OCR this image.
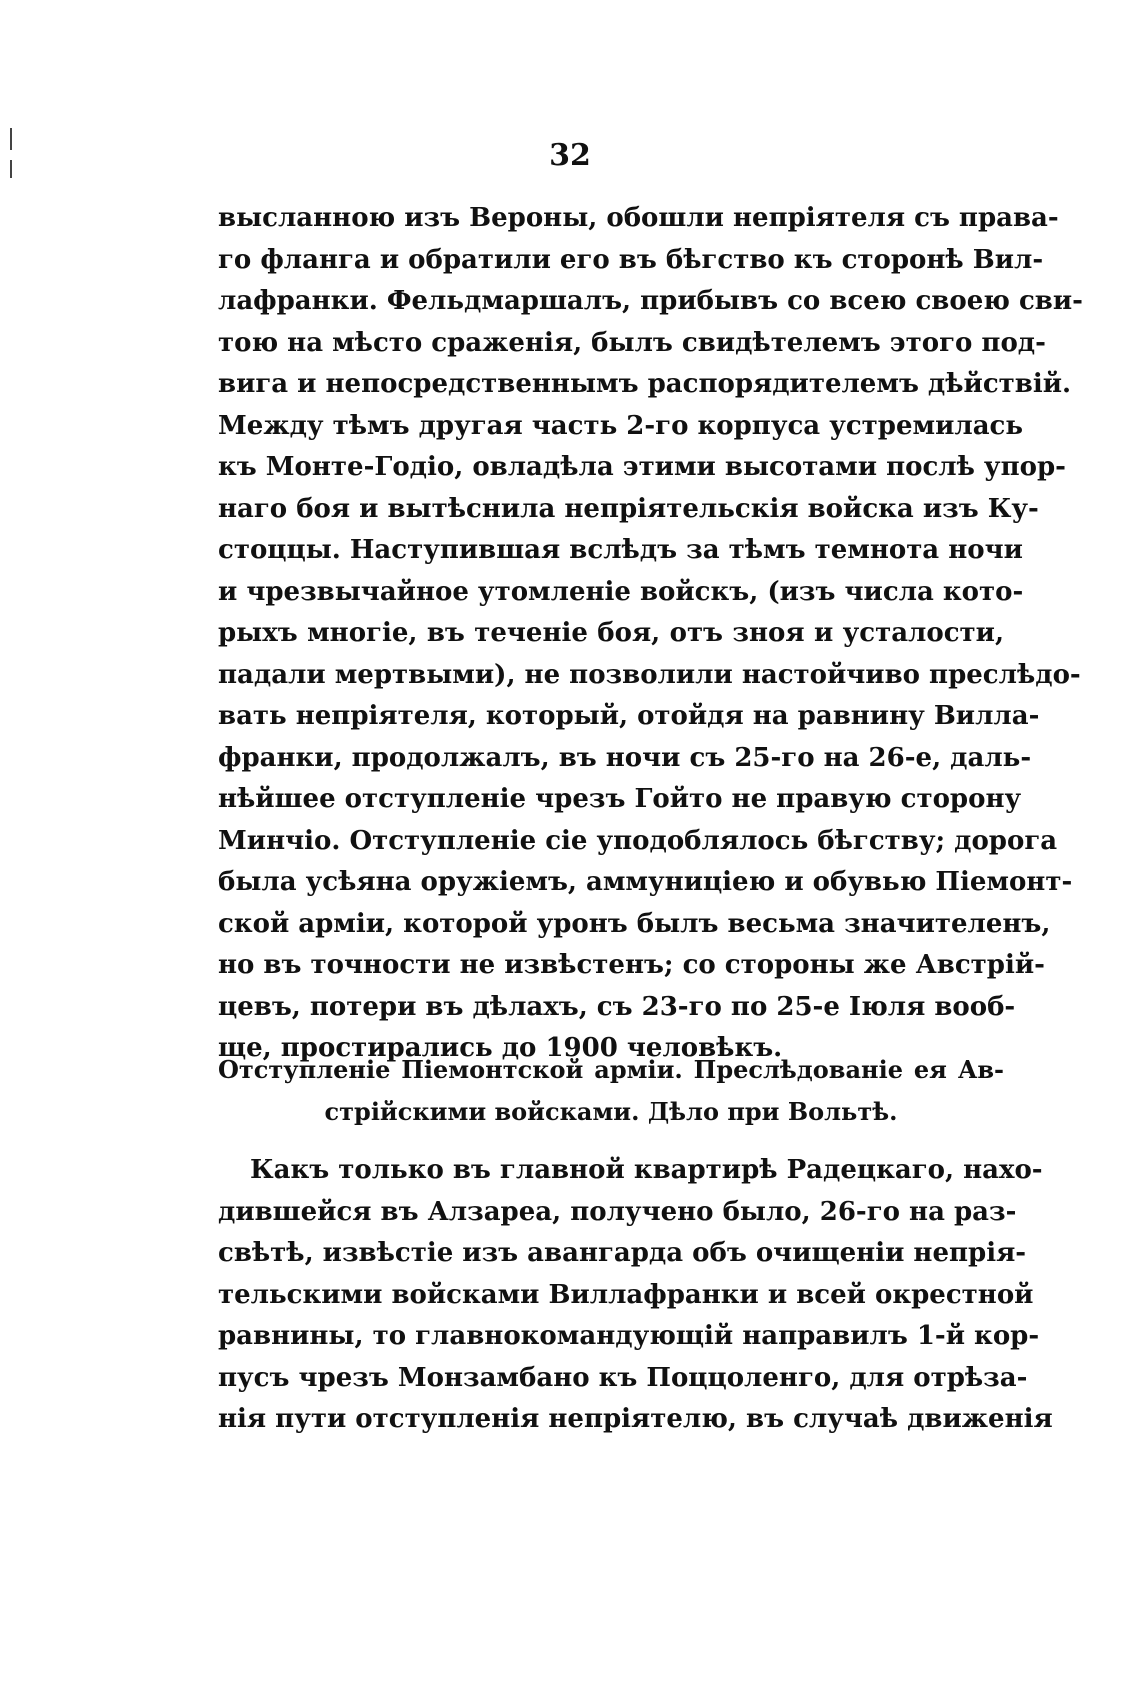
32
высланною изъ Вероны, обошли непріятеля съ права-
го фланга и обратили его въ бѣгство къ сторонѣ Вил-
лафранки. Фельдмаршалъ, прибывъ со всею своею сви-
тою на мѣсто сраженія, былъ свидѣтелемъ этого под-
вига и непосредственнымъ распорядителемъ дѣйствій.
Между тѣмъ другая часть 2-го корпуса устремилась
къ Монте-Годіо, овладѣла этими высотами послѣ упор-
наго боя и вытѣснила непріятельскія войска изъ Ку-
стоццы. Наступившая вслѣдъ за тѣмъ темнота ночи
и чрезвычайное утомленіе войскъ, (изъ числа кото-
рыхъ многіе, въ теченіе боя, отъ зноя и усталости,
падали мертвыми), не позволили настойчиво преслѣдо-
вать непріятеля, который, отойдя на равнину Вилла-
франки, продолжалъ, въ ночи съ 25-го на 26-е, даль-
нѣйшее отступленіе чрезъ Гойто не правую сторону
Минчіо. Отступленіе сіе уподоблялось бѣгству; дорога
была усѣяна оружіемъ, аммуниціею и обувью Піемонт-
ской арміи, которой уронъ былъ весьма значителенъ,
но въ точности не извѣстенъ; со стороны же Австрій-
цевъ, потери въ дѣлахъ, съ 23-го по 25-е Іюля вооб-
ще, простирались до 1900 человѣкъ.
Отступленіе Піемонтской арміи. Преслѣдованіе ея Ав-
стрійскими войсками. Дѣло при Вольтѣ.
Какъ только въ главной квартирѣ Радецкаго, нахо-
дившейся въ Алзареа, получено было, 26-го на раз-
свѣтѣ, извѣстіе изъ авангарда объ очищеніи непрія-
тельскими войсками Виллафранки и всей окрестной
равнины, то главнокомандующій направилъ 1-й кор-
пусъ чрезъ Монзамбано къ Поццоленго, для отрѣза-
нія пути отступленія непріятелю, въ случаѣ движенія
